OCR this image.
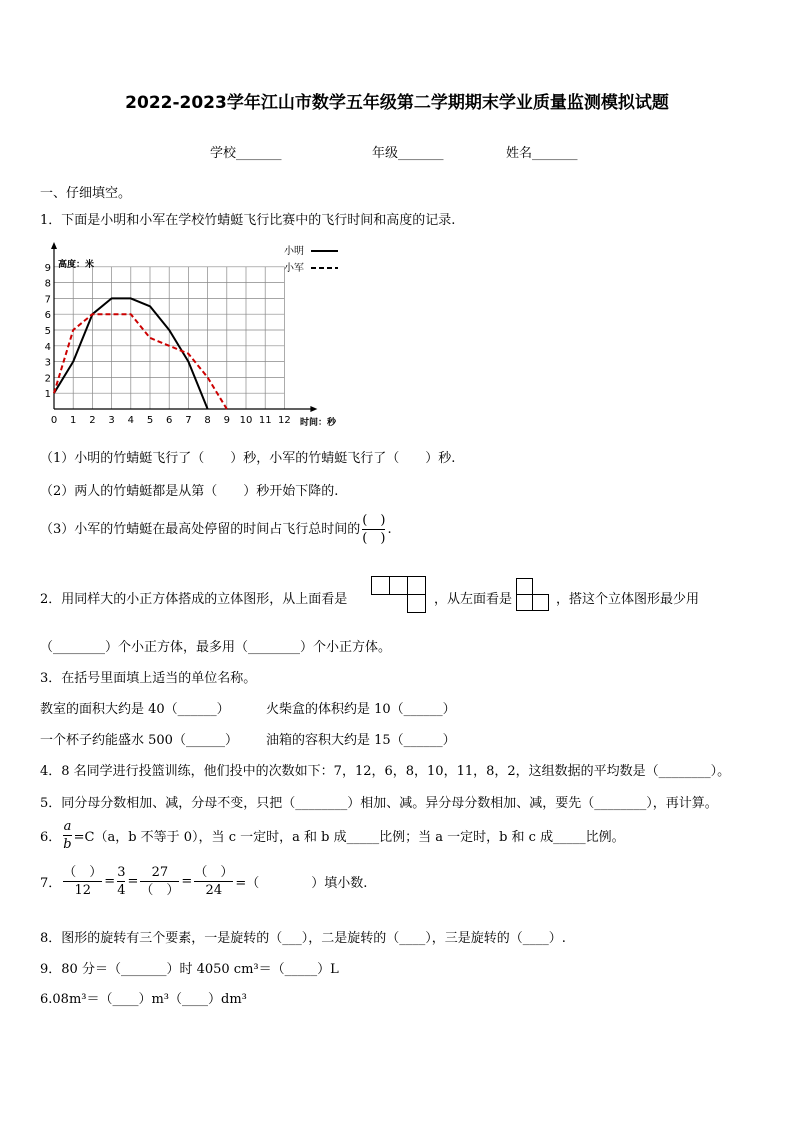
2022-2023学年江山市数学五年级第二学期期末学业质量监测模拟试题
学校_______	年级_______	姓名_______
一、仔细填空。
1．下面是小明和小军在学校竹蜻蜓飞行比赛中的飞行时间和高度的记录.
0 1 2 3 4 5 6 7 8 9 10 11 12
1
2
3
4
5
6
7
8
9
小明
小军
高度：米
时间：秒
（1）小明的竹蜻蜓飞行了（　　）秒，小军的竹蜻蜓飞行了（　　）秒.
（2）两人的竹蜻蜓都是从第（　　）秒开始下降的.
（3）小军的竹蜻蜓在最高处停留的时间占飞行总时间的 $\frac{( )}{( )}$ .
2．用同样大的小正方体搭成的立体图形，从上面看是	，从左面看是	，搭这个立体图形最少用
（________）个小正方体，最多用（________）个小正方体。
3．在括号里面填上适当的单位名称。
教室的面积大约是 40（______）	火柴盒的体积约是 10（______）
一个杯子约能盛水 500（______） 油箱的容积大约是 15（______）
4．8 名同学进行投篮训练，他们投中的次数如下：7，12，6，8，10，11，8，2，这组数据的平均数是（________）。
5．同分母分数相加、减，分母不变，只把（________）相加、减。异分母分数相加、减，要先（________），再计算。
6． $\frac{a}{b} =C(a$，b 不等于 0），当 c 一定时，a 和 b 成_____比例；当 a 一定时，b 和 c 成_____比例。
7． $\frac{( )}{12} = \frac{3}{4} = \frac{27}{( )} = \frac{( )}{24}$ =（　　　　）填小数.
8．图形的旋转有三个要素，一是旋转的（___），二是旋转的（____），三是旋转的（____）.
9．80 分＝（_______）时 4050 cm³＝（_____）L
6.08m³＝（____）m³（____）dm³
